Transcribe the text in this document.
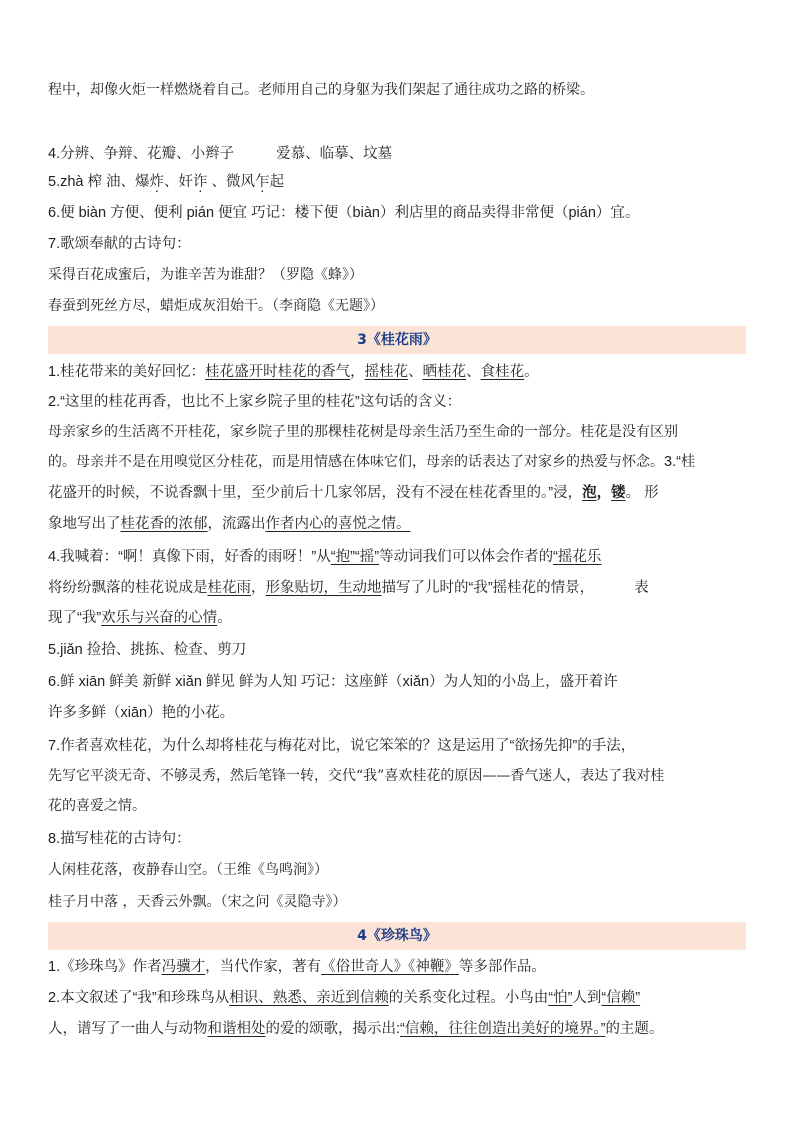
程中，却像火炬一样燃烧着自己。老师用自己的身躯为我们架起了通往成功之路的桥梁。
4.分辨、争辩、花瓣、小辫子	爱慕、临摹、坟墓
5.zhà 榨 油、爆炸、奸诈 、微风乍起
6.便 biàn 方便、便利 pián 便宜 巧记：楼下便（biàn）利店里的商品卖得非常便（pián）宜。
7.歌颂奉献的古诗句：
采得百花成蜜后，为谁辛苦为谁甜？（罗隐《蜂》）
春蚕到死丝方尽，蜡炬成灰泪始干。（李商隐《无题》）
3《桂花雨》
1.桂花带来的美好回忆：桂花盛开时桂花的香气，摇桂花、晒桂花、食桂花。
2.“这里的桂花再香，也比不上家乡院子里的桂花”这句话的含义：
母亲家乡的生活离不开桂花，家乡院子里的那棵桂花树是母亲生活乃至生命的一部分。桂花是没有区别
的。母亲并不是在用嗅觉区分桂花，而是用情感在体味它们，母亲的话表达了对家乡的热爱与怀念。3.“桂
花盛开的时候，不说香飘十里，至少前后十几家邻居，没有不浸在桂花香里的。”浸，泡，镂。 形
象地写出了桂花香的浓郁，流露出作者内心的喜悦之情。
4.我喊着：“啊！真像下雨，好香的雨呀！”从“抱”“摇”等动词我们可以体会作者的“摇花乐
将纷纷飘落的桂花说成是桂花雨，形象贴切，生动地描写了儿时的“我”摇桂花的情景，	表
现了“我”欢乐与兴奋的心情。
5.jiǎn 捡拾、挑拣、检查、剪刀
6.鲜 xiān 鲜美 新鲜 xiǎn 鲜见 鲜为人知 巧记：这座鲜（xiǎn）为人知的小岛上，盛开着许
许多多鲜（xiān）艳的小花。
7.作者喜欢桂花，为什么却将桂花与梅花对比，说它笨笨的？这是运用了“欲扬先抑”的手法，
先写它平淡无奇、不够灵秀，然后笔锋一转，交代“我”喜欢桂花的原因——香气迷人，表达了我对桂
花的喜爱之情。
8.描写桂花的古诗句：
人闲桂花落，夜静春山空。（王维《鸟鸣涧》）
桂子月中落 ，天香云外飘。（宋之问《灵隐寺》）
4《珍珠鸟》
1.《珍珠鸟》作者冯骥才，当代作家，著有《俗世奇人》《神鞭》等多部作品。
2.本文叙述了“我”和珍珠鸟从相识、熟悉、亲近到信赖的关系变化过程。小鸟由“怕”人到“信赖”
人，谱写了一曲人与动物和谐相处的爱的颂歌，揭示出:“信赖，往往创造出美好的境界。”的主题。
